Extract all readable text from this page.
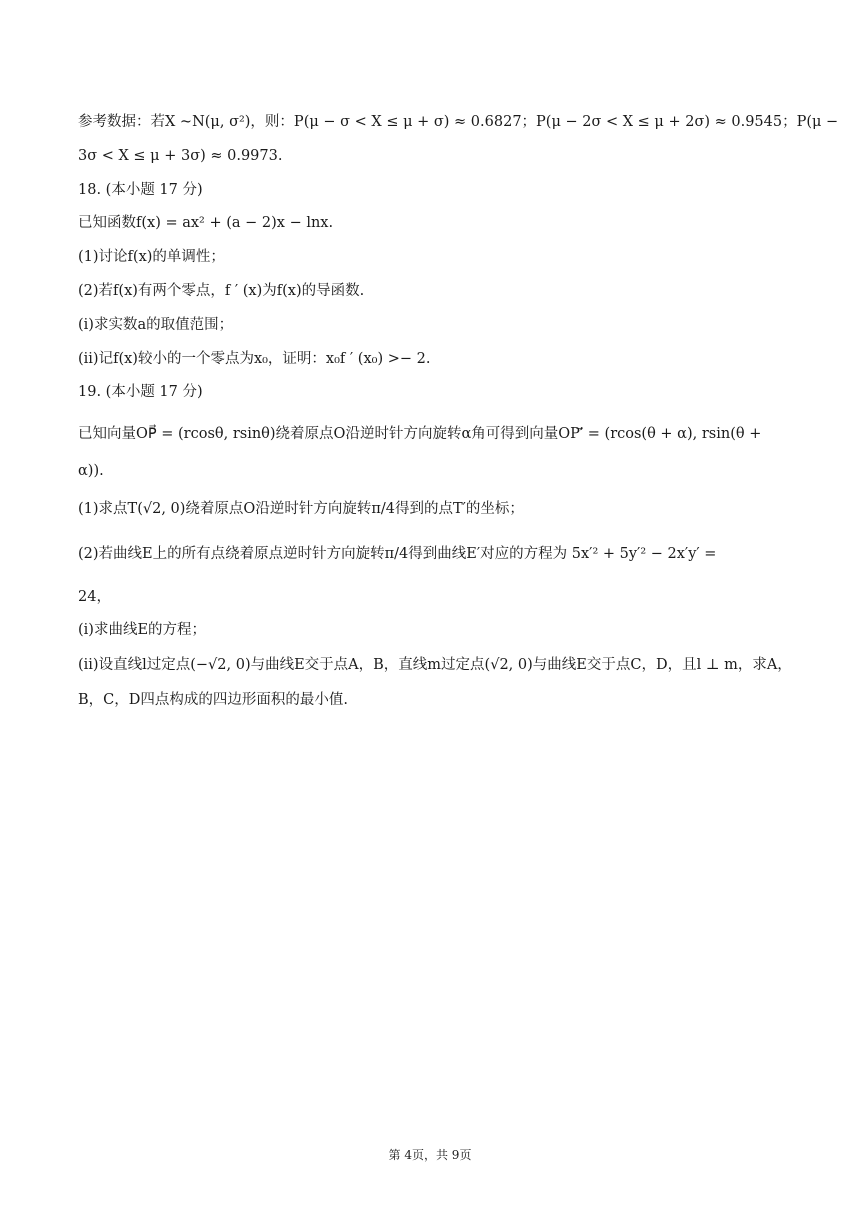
参考数据：若X ~N(μ, σ²)，则：P(μ − σ < X ≤ μ + σ) ≈ 0.6827；P(μ − 2σ < X ≤ μ + 2σ) ≈ 0.9545；P(μ −
3σ < X ≤ μ + 3σ) ≈ 0.9973.
18. (本小题 17 分)
已知函数f(x) = ax² + (a − 2)x − lnx.
(1)讨论f(x)的单调性；
(2)若f(x)有两个零点，f ′ (x)为f(x)的导函数.
(i)求实数a的取值范围；
(ii)记f(x)较小的一个零点为x₀，证明：x₀f ′ (x₀) >− 2.
19. (本小题 17 分)
已知向量OP⃗ = (rcosθ, rsinθ)绕着原点O沿逆时针方向旋转α角可得到向量OP′⃗ = (rcos(θ + α), rsin(θ +
α)).
(1)求点T(√2, 0)绕着原点O沿逆时针方向旋转π/4得到的点T′的坐标；
(2)若曲线E上的所有点绕着原点逆时针方向旋转π/4得到曲线E′对应的方程为 5x′² + 5y′² − 2x′y′ =
24，
(i)求曲线E的方程；
(ii)设直线l过定点(−√2, 0)与曲线E交于点A，B，直线m过定点(√2, 0)与曲线E交于点C，D，且l ⊥ m，求A，
B，C，D四点构成的四边形面积的最小值.
第 4页，共 9页
